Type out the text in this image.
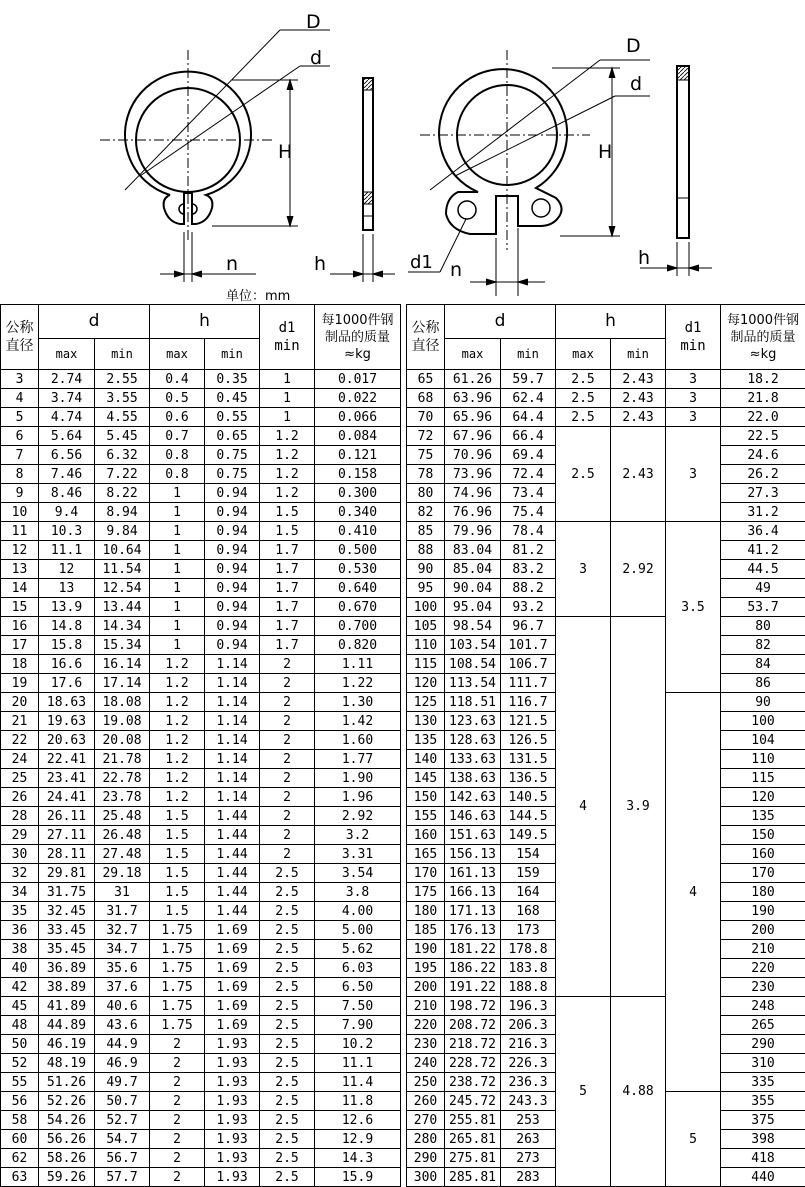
D
d
H
n	h
单位：mm
D
d
H
d1 n
h
公称直径	d		h		d1
min	每1000件钢制品的质量≈kg
	max	min	max	min		
3	2.74	2.55	0.4	0.35	1	0.017
4	3.74	3.55	0.5	0.45	1	0.022
5	4.74	4.55	0.6	0.55	1	0.066
6	5.64	5.45	0.7	0.65	1.2	0.084
7	6.56	6.32	0.8	0.75	1.2	0.121
8	7.46	7.22	0.8	0.75	1.2	0.158
9	8.46	8.22	1	0.94	1.2	0.300
10	9.4	8.94	1	0.94	1.5	0.340
11	10.3	9.84	1	0.94	1.5	0.410
12	11.1	10.64	1	0.94	1.7	0.500
13	12	11.54	1	0.94	1.7	0.530
14	13	12.54	1	0.94	1.7	0.640
15	13.9	13.44	1	0.94	1.7	0.670
16	14.8	14.34	1	0.94	1.7	0.700
17	15.8	15.34	1	0.94	1.7	0.820
18	16.6	16.14	1.2	1.14	2	1.11
19	17.6	17.14	1.2	1.14	2	1.22
20	18.63	18.08	1.2	1.14	2	1.30
21	19.63	19.08	1.2	1.14	2	1.42
22	20.63	20.08	1.2	1.14	2	1.60
24	22.41	21.78	1.2	1.14	2	1.77
25	23.41	22.78	1.2	1.14	2	1.90
26	24.41	23.78	1.2	1.14	2	1.96
28	26.11	25.48	1.5	1.44	2	2.92
29	27.11	26.48	1.5	1.44	2	3.2
30	28.11	27.48	1.5	1.44	2	3.31
32	29.81	29.18	1.5	1.44	2.5	3.54
34	31.75	31	1.5	1.44	2.5	3.8
35	32.45	31.7	1.5	1.44	2.5	4.00
36	33.45	32.7	1.75	1.69	2.5	5.00
38	35.45	34.7	1.75	1.69	2.5	5.62
40	36.89	35.6	1.75	1.69	2.5	6.03
42	38.89	37.6	1.75	1.69	2.5	6.50
45	41.89	40.6	1.75	1.69	2.5	7.50
48	44.89	43.6	1.75	1.69	2.5	7.90
50	46.19	44.9	2	1.93	2.5	10.2
52	48.19	46.9	2	1.93	2.5	11.1
55	51.26	49.7	2	1.93	2.5	11.4
56	52.26	50.7	2	1.93	2.5	11.8
58	54.26	52.7	2	1.93	2.5	12.6
60	56.26	54.7	2	1.93	2.5	12.9
62	58.26	56.7	2	1.93	2.5	14.3
63	59.26	57.7	2	1.93	2.5	15.9
公称直径	d		h		d1
min	每1000件钢制品的质量≈kg
	max	min	max	min		
65	61.26	59.7	2.5	2.43	3	18.2
68	63.96	62.4	2.5	2.43	3	21.8
70	65.96	64.4	2.5	2.43	3	22.0
72	67.96	66.4	2.5	2.43	3	22.5
75	70.96	69.4				24.6
78	73.96	72.4				26.2
80	74.96	73.4				27.3
82	76.96	75.4				31.2
85	79.96	78.4	3	2.92	3.5	36.4
88	83.04	81.2				41.2
90	85.04	83.2				44.5
95	90.04	88.2				49
100	95.04	93.2				53.7
105	98.54	96.7	4	3.9		80
110	103.54	101.7				82
115	108.54	106.7				84
120	113.54	111.7				86
125	118.51	116.7			4	90
130	123.63	121.5				100
135	128.63	126.5				104
140	133.63	131.5				110
145	138.63	136.5				115
150	142.63	140.5				120
155	146.63	144.5				135
160	151.63	149.5				150
165	156.13	154				160
170	161.13	159				170
175	166.13	164				180
180	171.13	168				190
185	176.13	173				200
190	181.22	178.8				210
195	186.22	183.8				220
200	191.22	188.8				230
210	198.72	196.3	5	4.88		248
220	208.72	206.3				265
230	218.72	216.3				290
240	228.72	226.3				310
250	238.72	236.3				335
260	245.72	243.3			5	355
270	255.81	253				375
280	265.81	263				398
290	275.81	273				418
300	285.81	283				440
